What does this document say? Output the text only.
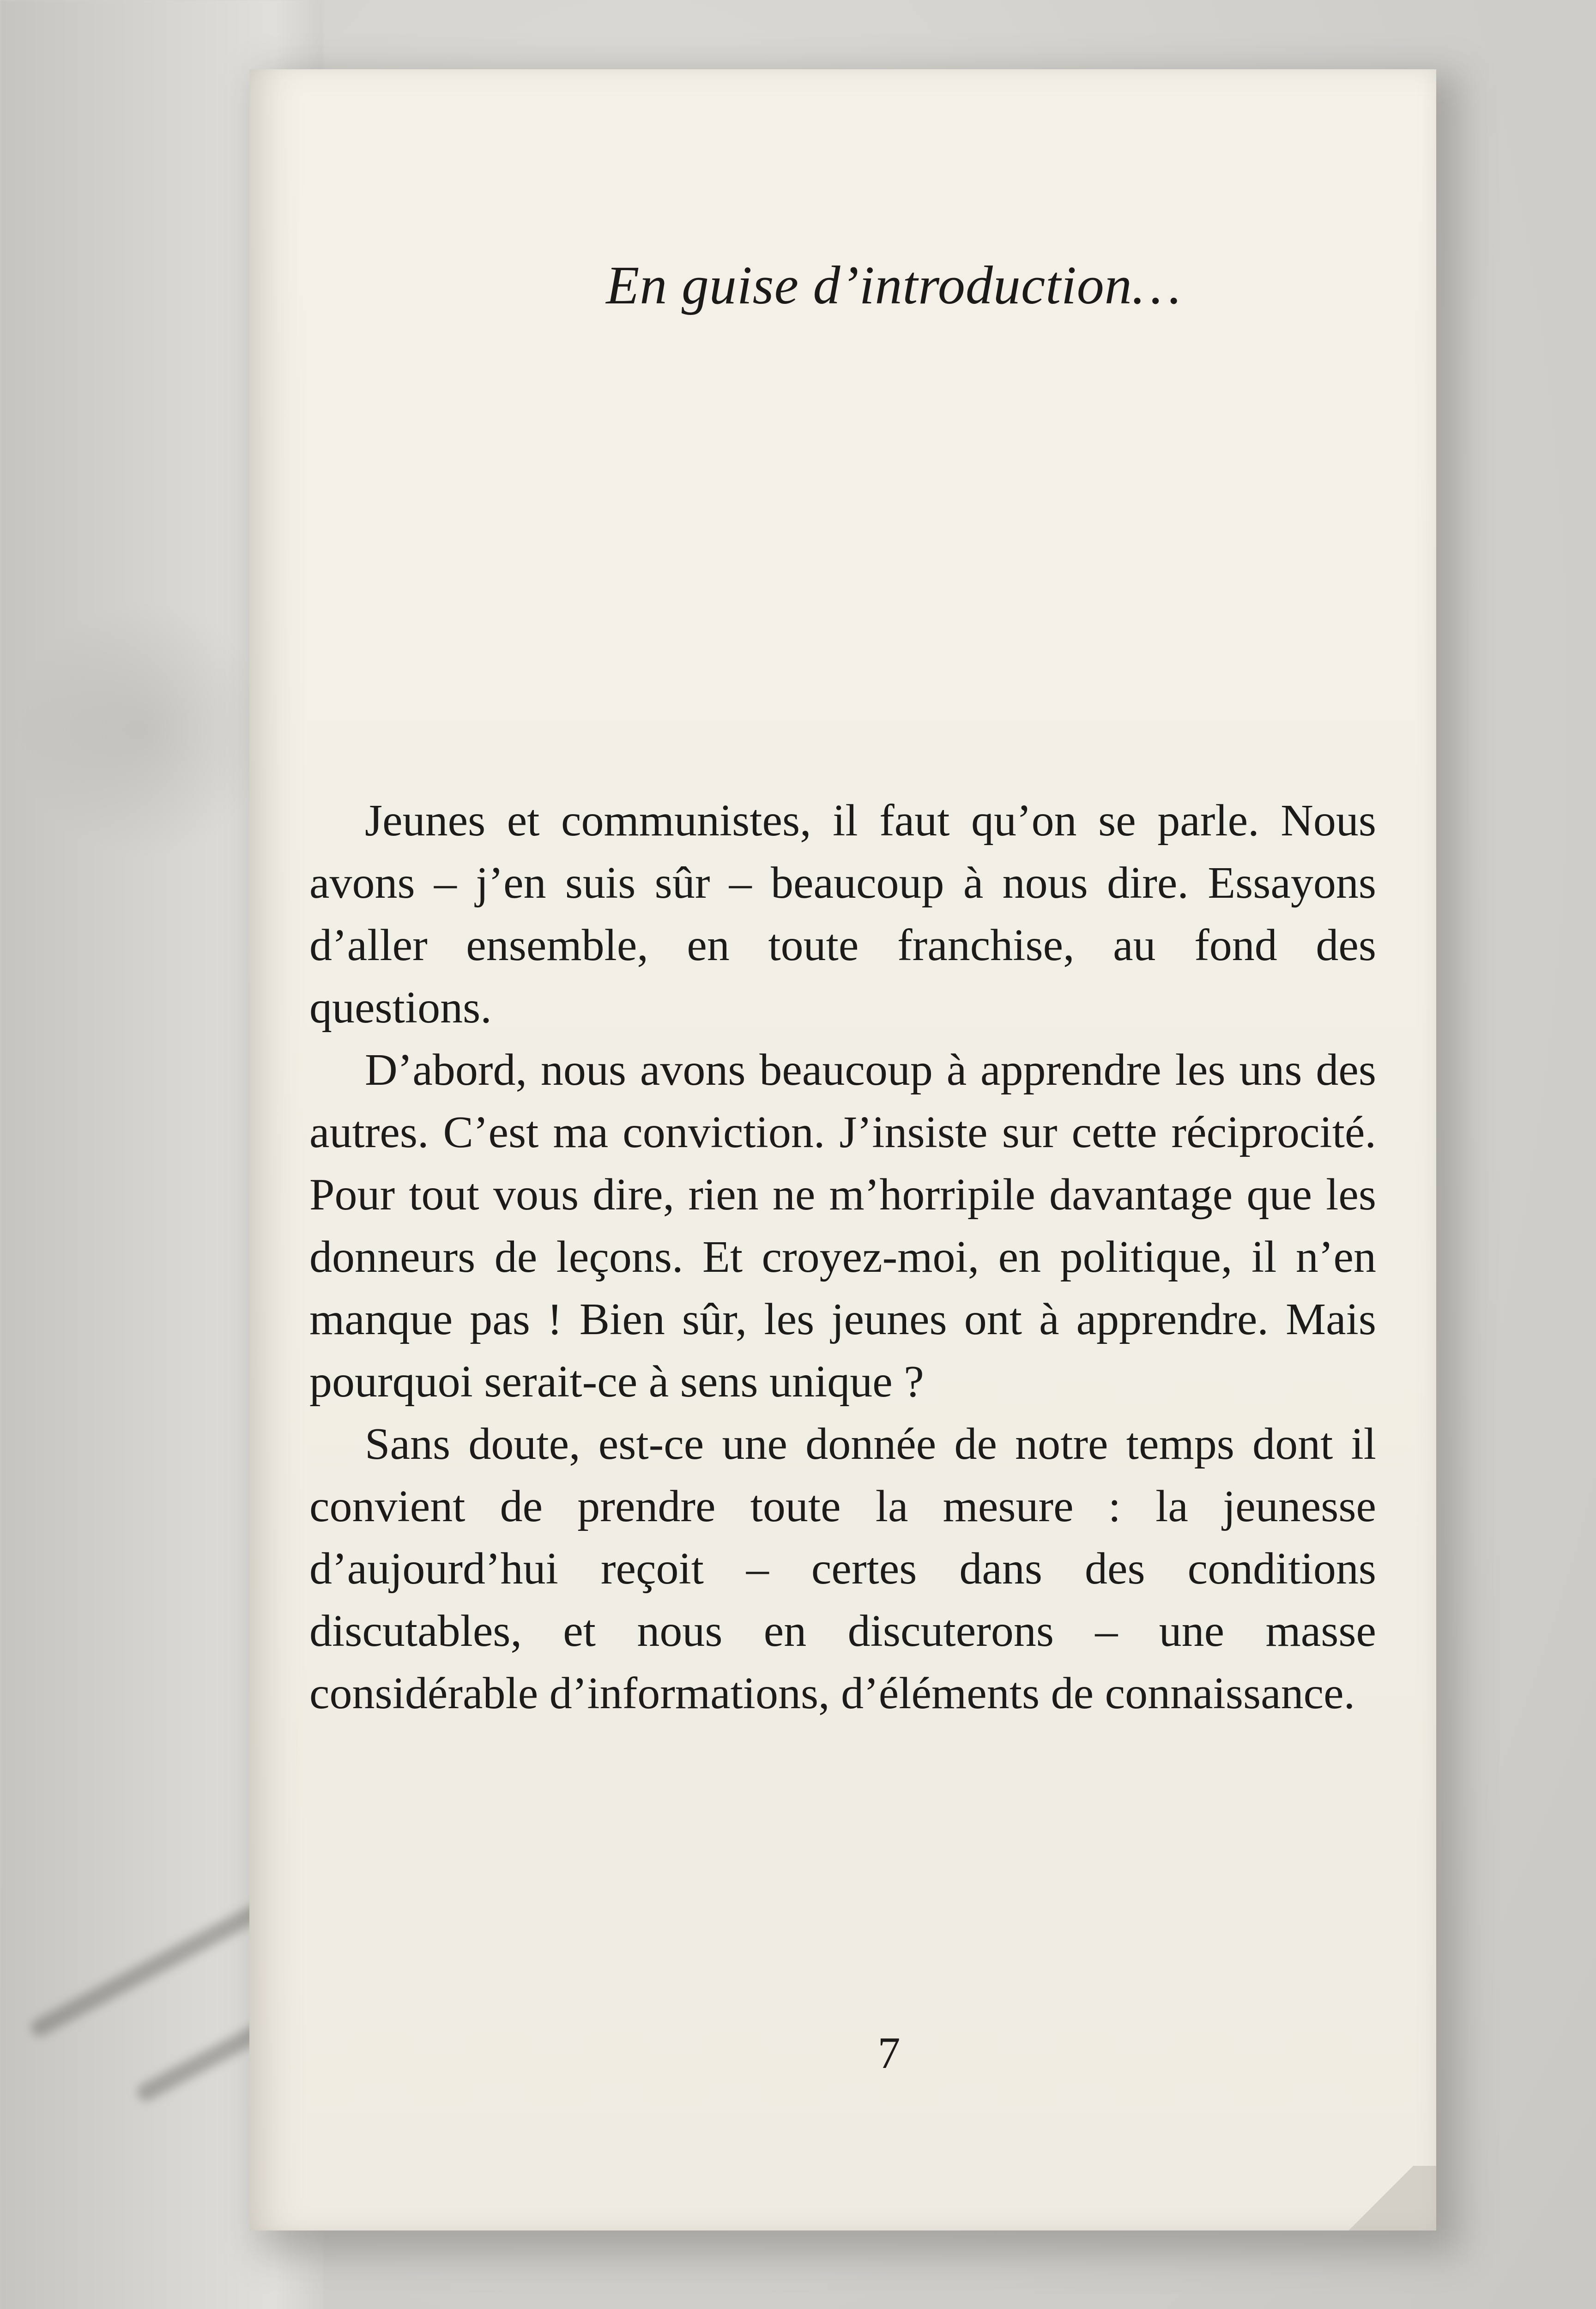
En guise d’introduction…

Jeunes et communistes, il faut qu’on se parle. Nous avons – j’en suis sûr – beaucoup à nous dire. Essayons d’aller ensemble, en toute franchise, au fond des questions.

D’abord, nous avons beaucoup à apprendre les uns des autres. C’est ma conviction. J’insiste sur cette réciprocité. Pour tout vous dire, rien ne m’horripile davantage que les donneurs de leçons. Et croyez-moi, en politique, il n’en manque pas ! Bien sûr, les jeunes ont à apprendre. Mais pourquoi serait-ce à sens unique ?

Sans doute, est-ce une donnée de notre temps dont il convient de prendre toute la mesure : la jeunesse d’aujourd’hui reçoit – certes dans des conditions discutables, et nous en discuterons – une masse considérable d’informations, d’éléments de connaissance.

7
